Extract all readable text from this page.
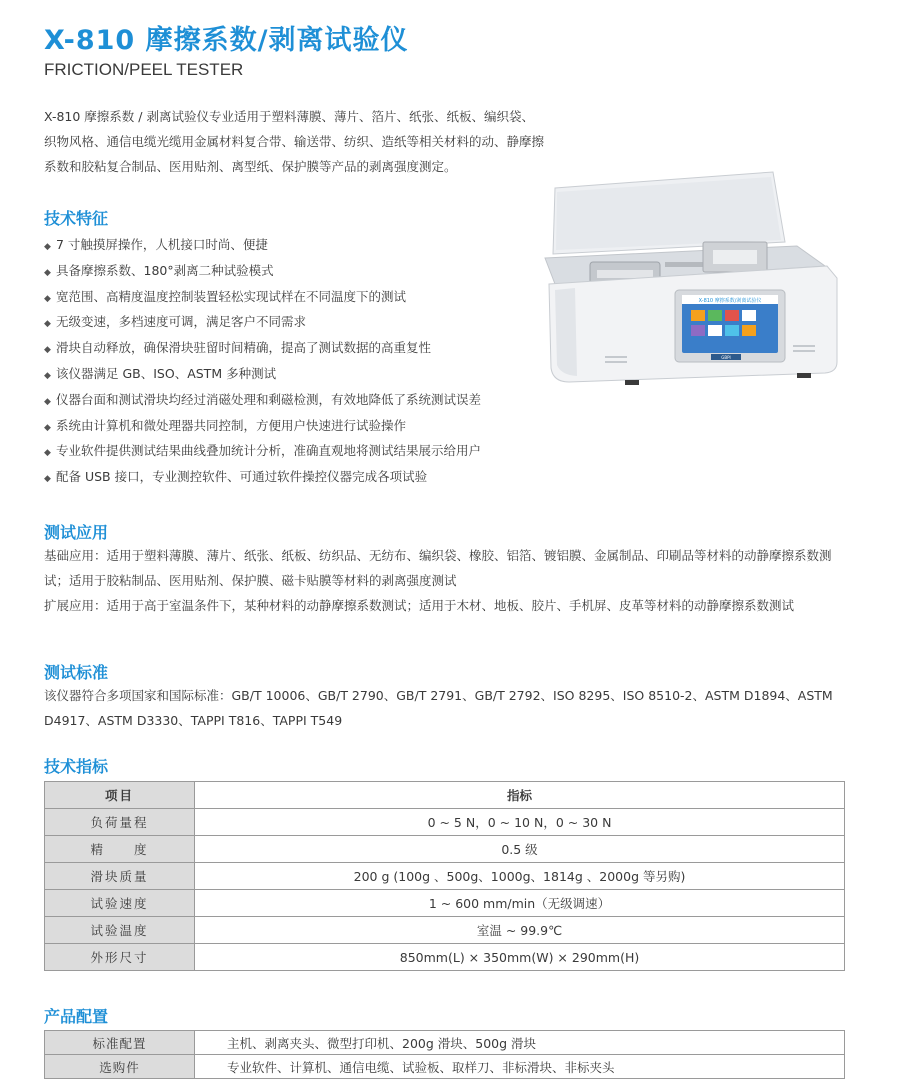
X-810 摩擦系数/剥离试验仪
FRICTION/PEEL TESTER
X-810 摩擦系数 / 剥离试验仪专业适用于塑料薄膜、薄片、箔片、纸张、纸板、编织袋、织物风格、通信电缆光缆用金属材料复合带、输送带、纺织、造纸等相关材料的动、静摩擦系数和胶粘复合制品、医用贴剂、离型纸、保护膜等产品的剥离强度测定。
X-810 摩擦系数/剥离试验仪
GBPI
技术特征
◆ 7 寸触摸屏操作，人机接口时尚、便捷
◆ 具备摩擦系数、180°剥离二种试验模式
◆ 宽范围、高精度温度控制装置轻松实现试样在不同温度下的测试
◆ 无级变速，多档速度可调，满足客户不同需求
◆ 滑块自动释放，确保滑块驻留时间精确，提高了测试数据的高重复性
◆ 该仪器满足 GB、ISO、ASTM 多种测试
◆ 仪器台面和测试滑块均经过消磁处理和剩磁检测，有效地降低了系统测试误差
◆ 系统由计算机和微处理器共同控制，方便用户快速进行试验操作
◆ 专业软件提供测试结果曲线叠加统计分析，准确直观地将测试结果展示给用户
◆ 配备 USB 接口，专业测控软件、可通过软件操控仪器完成各项试验
测试应用
基础应用：适用于塑料薄膜、薄片、纸张、纸板、纺织品、无纺布、编织袋、橡胶、铝箔、镀铝膜、金属制品、印刷品等材料的动静摩擦系数测试；适用于胶粘制品、医用贴剂、保护膜、磁卡贴膜等材料的剥离强度测试
扩展应用：适用于高于室温条件下，某种材料的动静摩擦系数测试；适用于木材、地板、胶片、手机屏、皮革等材料的动静摩擦系数测试
测试标准
该仪器符合多项国家和国际标准：GB/T 10006、GB/T 2790、GB/T 2791、GB/T 2792、ISO 8295、ISO 8510-2、ASTM D1894、ASTM D4917、ASTM D3330、TAPPI T816、TAPPI T549
技术指标
项目	指标
负荷量程	0 ~ 5 N，0 ~ 10 N，0 ~ 30 N
精　　度	0.5 级
滑块质量	200 g (100g 、500g、1000g、1814g 、2000g 等另购)
试验速度	1 ~ 600 mm/min（无级调速）
试验温度	室温 ~ 99.9℃
外形尺寸	850mm(L) × 350mm(W) × 290mm(H)
产品配置
标准配置	主机、剥离夹头、微型打印机、200g 滑块、500g 滑块
选购件	专业软件、计算机、通信电缆、试验板、取样刀、非标滑块、非标夹头
